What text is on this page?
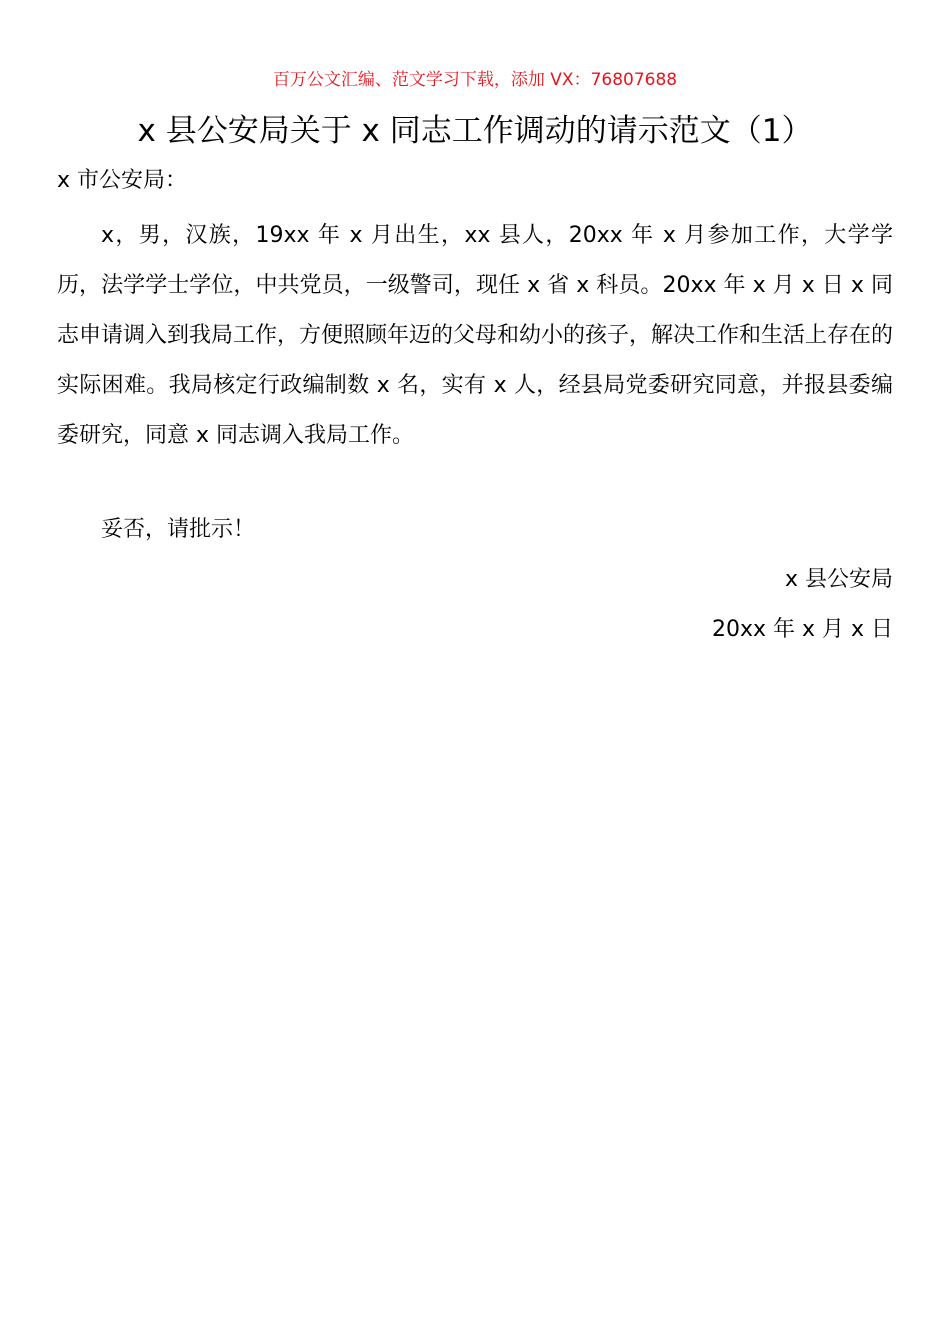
百万公文汇编、范文学习下载，添加 VX：76807688
x 县公安局关于 x 同志工作调动的请示范文（1）
x 市公安局：
x，男，汉族，19xx 年 x 月出生，xx 县人，20xx 年 x 月参加工作，大学学历，法学学士学位，中共党员，一级警司，现任 x 省 x 科员。20xx 年 x 月 x 日 x 同志申请调入到我局工作，方便照顾年迈的父母和幼小的孩子，解决工作和生活上存在的实际困难。我局核定行政编制数 x 名，实有 x 人，经县局党委研究同意，并报县委编委研究，同意 x 同志调入我局工作。
妥否，请批示！
x 县公安局
20xx 年 x 月 x 日
